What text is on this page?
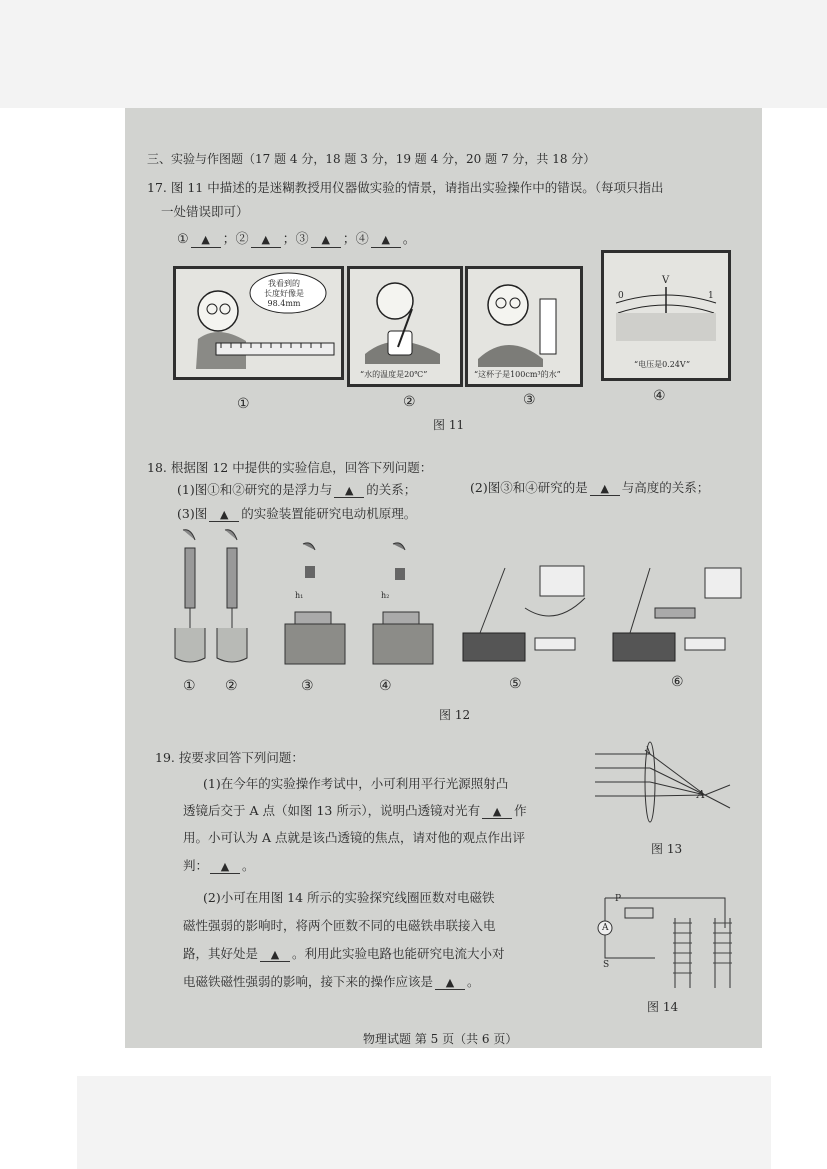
三、实验与作图题（17 题 4 分，18 题 3 分，19 题 4 分，20 题 7 分，共 18 分）
17. 图 11 中描述的是迷糊教授用仪器做实验的情景，请指出实验操作中的错误。（每项只指出
一处错误即可）
① ▲ ；② ▲ ；③ ▲ ；④ ▲ 。
我看到的
长度好像是
98.4mm
“水的温度是20℃”	“这杯子是100cm³的水”
0
V
1
“电压是0.24V”
①	②	③	④
图 11
18. 根据图 12 中提供的实验信息，回答下列问题：
(1)图①和②研究的是浮力与 ▲ 的关系；	(2)图③和④研究的是 ▲ 与高度的关系；
(3)图 ▲ 的实验装置能研究电动机原理。
h₁	h₂
① ②	③	④	⑤	⑥
图 12
19. 按要求回答下列问题：
(1)在今年的实验操作考试中，小可利用平行光源照射凸
透镜后交于 A 点（如图 13 所示），说明凸透镜对光有 ▲ 作
用。小可认为 A 点就是该凸透镜的焦点，请对他的观点作出评
判： ▲ 。
(2)小可在用图 14 所示的实验探究线圈匝数对电磁铁
磁性强弱的影响时，将两个匝数不同的电磁铁串联接入电
路，其好处是 ▲ 。利用此实验电路也能研究电流大小对
电磁铁磁性强弱的影响，接下来的操作应该是 ▲ 。
A
图 13
P
A
S
图 14
物理试题 第 5 页（共 6 页）
